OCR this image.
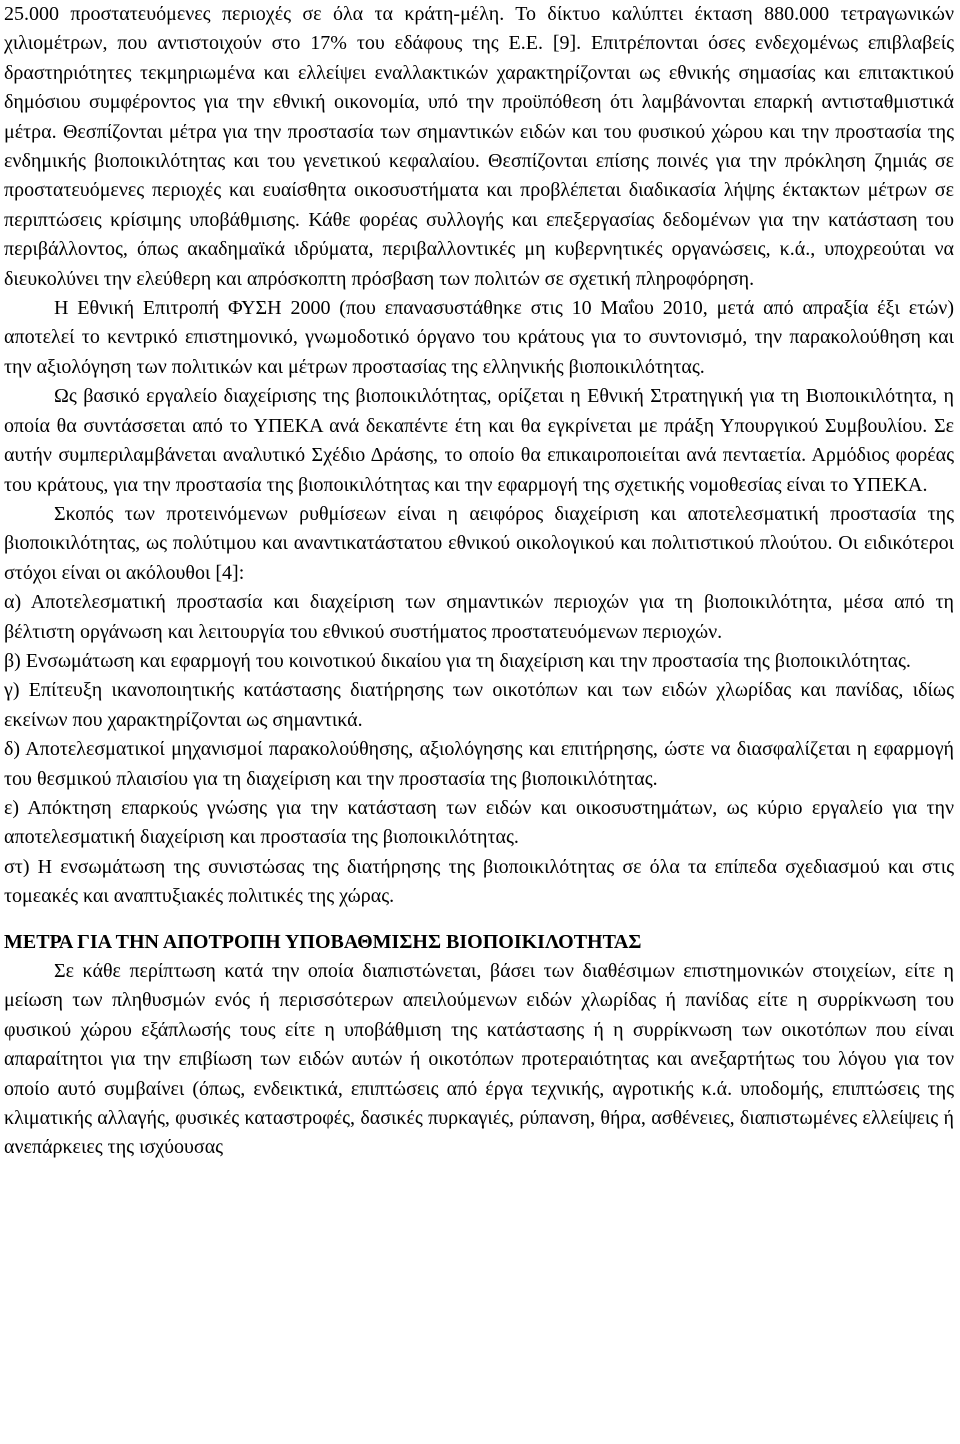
25.000 προστατευόμενες περιοχές σε όλα τα κράτη-μέλη. Το δίκτυο καλύπτει έκταση 880.000 τετραγωνικών χιλιομέτρων, που αντιστοιχούν στο 17% του εδάφους της Ε.Ε. [9]. Επιτρέπονται όσες ενδεχομένως επιβλαβείς δραστηριότητες τεκμηριωμένα και ελλείψει εναλλακτικών χαρακτηρίζονται ως εθνικής σημασίας και επιτακτικού δημόσιου συμφέροντος για την εθνική οικονομία, υπό την προϋπόθεση ότι λαμβάνονται επαρκή αντισταθμιστικά μέτρα. Θεσπίζονται μέτρα για την προστασία των σημαντικών ειδών και του φυσικού χώρου και την προστασία της ενδημικής βιοποικιλότητας και του γενετικού κεφαλαίου. Θεσπίζονται επίσης ποινές για την πρόκληση ζημιάς σε προστατευόμενες περιοχές και ευαίσθητα οικοσυστήματα και προβλέπεται διαδικασία λήψης έκτακτων μέτρων σε περιπτώσεις κρίσιμης υποβάθμισης. Κάθε φορέας συλλογής και επεξεργασίας δεδομένων για την κατάσταση του περιβάλλοντος, όπως ακαδημαϊκά ιδρύματα, περιβαλλοντικές μη κυβερνητικές οργανώσεις, κ.ά., υποχρεούται να διευκολύνει την ελεύθερη και απρόσκοπτη πρόσβαση των πολιτών σε σχετική πληροφόρηση.

Η Εθνική Επιτροπή ΦΥΣΗ 2000 (που επανασυστάθηκε στις 10 Μαΐου 2010, μετά από απραξία έξι ετών) αποτελεί το κεντρικό επιστημονικό, γνωμοδοτικό όργανο του κράτους για το συντονισμό, την παρακολούθηση και την αξιολόγηση των πολιτικών και μέτρων προστασίας της ελληνικής βιοποικιλότητας.

Ως βασικό εργαλείο διαχείρισης της βιοποικιλότητας, ορίζεται η Εθνική Στρατηγική για τη Βιοποικιλότητα, η οποία θα συντάσσεται από το ΥΠΕΚΑ ανά δεκαπέντε έτη και θα εγκρίνεται με πράξη Υπουργικού Συμβουλίου. Σε αυτήν συμπεριλαμβάνεται αναλυτικό Σχέδιο Δράσης, το οποίο θα επικαιροποιείται ανά πενταετία. Αρμόδιος φορέας του κράτους, για την προστασία της βιοποικιλότητας και την εφαρμογή της σχετικής νομοθεσίας είναι το ΥΠΕΚΑ.

Σκοπός των προτεινόμενων ρυθμίσεων είναι η αειφόρος διαχείριση και αποτελεσματική προστασία της βιοποικιλότητας, ως πολύτιμου και αναντικατάστατου εθνικού οικολογικού και πολιτιστικού πλούτου. Οι ειδικότεροι στόχοι είναι οι ακόλουθοι [4]:

α) Αποτελεσματική προστασία και διαχείριση των σημαντικών περιοχών για τη βιοποικιλότητα, μέσα από τη βέλτιστη οργάνωση και λειτουργία του εθνικού συστήματος προστατευόμενων περιοχών.

β) Ενσωμάτωση και εφαρμογή του κοινοτικού δικαίου για τη διαχείριση και την προστασία της βιοποικιλότητας.

γ) Επίτευξη ικανοποιητικής κατάστασης διατήρησης των οικοτόπων και των ειδών χλωρίδας και πανίδας, ιδίως εκείνων που χαρακτηρίζονται ως σημαντικά.

δ) Αποτελεσματικοί μηχανισμοί παρακολούθησης, αξιολόγησης και επιτήρησης, ώστε να διασφαλίζεται η εφαρμογή του θεσμικού πλαισίου για τη διαχείριση και την προστασία της βιοποικιλότητας.

ε) Απόκτηση επαρκούς γνώσης για την κατάσταση των ειδών και οικοσυστημάτων, ως κύριο εργαλείο για την αποτελεσματική διαχείριση και προστασία της βιοποικιλότητας.

στ) Η ενσωμάτωση της συνιστώσας της διατήρησης της βιοποικιλότητας σε όλα τα επίπεδα σχεδιασμού και στις τομεακές και αναπτυξιακές πολιτικές της χώρας.

ΜΕΤΡΑ ΓΙΑ ΤΗΝ ΑΠΟΤΡΟΠΗ ΥΠΟΒΑΘΜΙΣΗΣ ΒΙΟΠΟΙΚΙΛΟΤΗΤΑΣ

Σε κάθε περίπτωση κατά την οποία διαπιστώνεται, βάσει των διαθέσιμων επιστημονικών στοιχείων, είτε η μείωση των πληθυσμών ενός ή περισσότερων απειλούμενων ειδών χλωρίδας ή πανίδας είτε η συρρίκνωση του φυσικού χώρου εξάπλωσής τους είτε η υποβάθμιση της κατάστασης ή η συρρίκνωση των οικοτόπων που είναι απαραίτητοι για την επιβίωση των ειδών αυτών ή οικοτόπων προτεραιότητας και ανεξαρτήτως του λόγου για τον οποίο αυτό συμβαίνει (όπως, ενδεικτικά, επιπτώσεις από έργα τεχνικής, αγροτικής κ.ά. υποδομής, επιπτώσεις της κλιματικής αλλαγής, φυσικές καταστροφές, δασικές πυρκαγιές, ρύπανση, θήρα, ασθένειες, διαπιστωμένες ελλείψεις ή ανεπάρκειες της ισχύουσας
